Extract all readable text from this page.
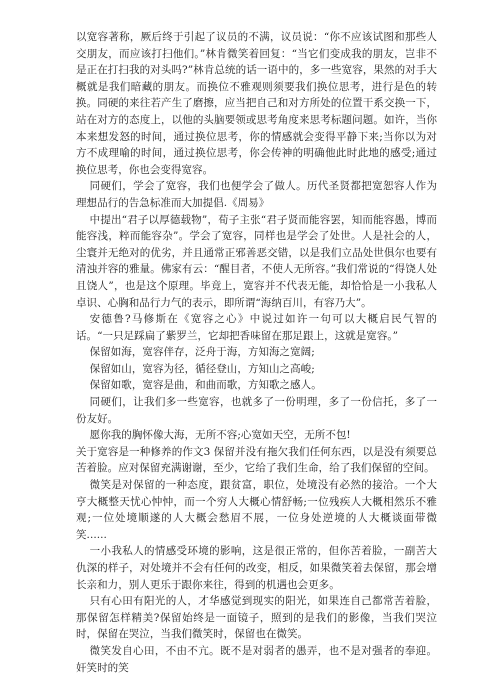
以宽容著称，厥后终于引起了议员的不满，议员说：“你不应该试图和那些人交朋友，而应该打扫他们。”林肯微笑着回复：“当它们变成我的朋友，岂非不是正在打扫我的对头吗?”林肯总统的话一语中的，多一些宽容，果然的对手大概就是我们暗藏的朋友。而换位不雅观则须要我们换位思考，进行是色的转换。同硬的来往若产生了磨擦，应当把自己和对方所处的位置干系交换一下，站在对方的态度上，以他的头脑要领或思考角度来思考标题问题。如许，当你本来想发怒的时间，通过换位思考，你的情感就会变得平静下来;当你以为对方不成理喻的时间，通过换位思考，你会传神的明确他此时此地的感受;通过换位思考，你也会变得宽容。

同硬们，学会了宽容，我们也便学会了做人。历代圣贤都把宽恕容人作为理想品行的告急标准而大加提倡.《周易》

中提出“君子以厚德载物”，荀子主张“君子贤而能容罢，知而能容愚，博而能容浅，粹而能容杂”。学会了宽容，同样也是学会了处世。人是社会的人，尘寰并无绝对的优劣，并且通常正邪善恶交错，以是我们立品处世俱尔也要有清浊并容的雅量。佛家有云：“醒目者，不使人无所容。”我们常说的“得饶人处且饶人”，也是这个原理。毕竟上，宽容并不代表无能，却恰恰是一小我私人卓识、心胸和品行力气的表示，即所谓“海纳百川，有容乃大”。

安德鲁?马修斯在《宽容之心》中说过如许一句可以大概启民气智的话。“一只足踩扁了紫罗兰，它却把香味留在那足跟上，这就是宽容。”

保留如海，宽容伴存，泛舟于海，方知海之宽阔;

保留如山，宽容为径，循径登山，方知山之高峻;

保留如歌，宽容是曲，和曲而歌，方知歌之感人。

同硬们，让我们多一些宽容，也就多了一份明理，多了一份信托，多了一份友好。

愿你我的胸怀像大海，无所不容;心宽如天空，无所不包!

关于宽容是一种修养的作文3 保留并没有拖欠我们任何东西，以是没有须要总苦着脸。应对保留充满谢谢，至少，它给了我们生命，给了我们保留的空间。

微笑是对保留的一种态度，跟贫富，职位，处境没有必然的接洽。一个大亨大概整天忧心忡忡，而一个穷人大概心情舒畅;一位残疾人大概相然乐不雅观;一位处境顺遂的人大概会愁眉不展，一位身处逆境的人大概谈面带微笑......

一小我私人的情感受环境的影响，这是很正常的，但你苦着脸，一副苦大仇深的样子，对处境并不会有任何的改变，相反，如果微笑着去保留，那会增长亲和力，别人更乐于跟你来往，得到的机遇也会更多。

只有心田有阳光的人，才华感觉到现实的阳光，如果连自己都常苦着脸，那保留怎样精美?保留始终是一面镜子，照到的是我们的影像，当我们哭泣时，保留在哭泣，当我们微笑时，保留也在微笑。

微笑发自心田，不由不亢。既不是对弱者的愚弄，也不是对强者的奉迎。奸笑时的笑
